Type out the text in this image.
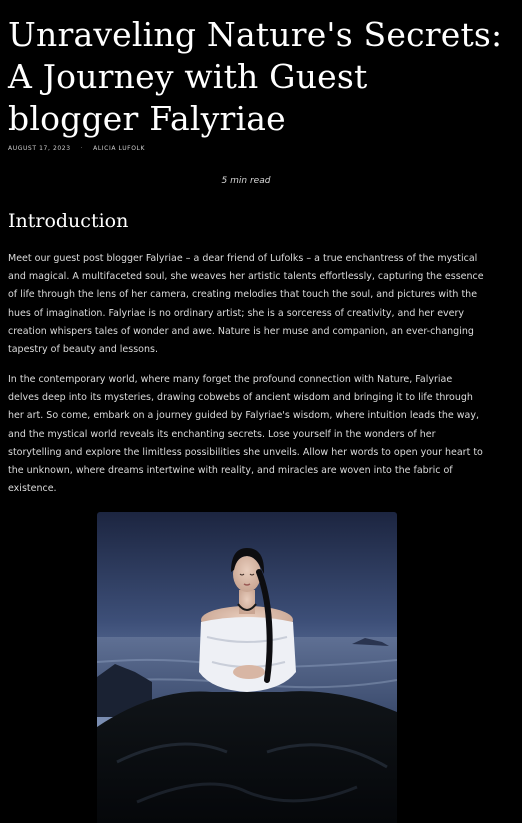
Unraveling Nature's Secrets: A Journey with Guest blogger Falyriae
AUGUST 17, 2023 · ALICIA LUFOLK
5 min read
Introduction

Meet our guest post blogger Falyriae – a dear friend of Lufolks – a true enchantress of the mystical and magical. A multifaceted soul, she weaves her artistic talents effortlessly, capturing the essence of life through the lens of her camera, creating melodies that touch the soul, and pictures with the hues of imagination. Falyriae is no ordinary artist; she is a sorceress of creativity, and her every creation whispers tales of wonder and awe. Nature is her muse and companion, an ever-changing tapestry of beauty and lessons.

In the contemporary world, where many forget the profound connection with Nature, Falyriae delves deep into its mysteries, drawing cobwebs of ancient wisdom and bringing it to life through her art. So come, embark on a journey guided by Falyriae's wisdom, where intuition leads the way, and the mystical world reveals its enchanting secrets. Lose yourself in the wonders of her storytelling and explore the limitless possibilities she unveils. Allow her words to open your heart to the unknown, where dreams intertwine with reality, and miracles are woven into the fabric of existence.
